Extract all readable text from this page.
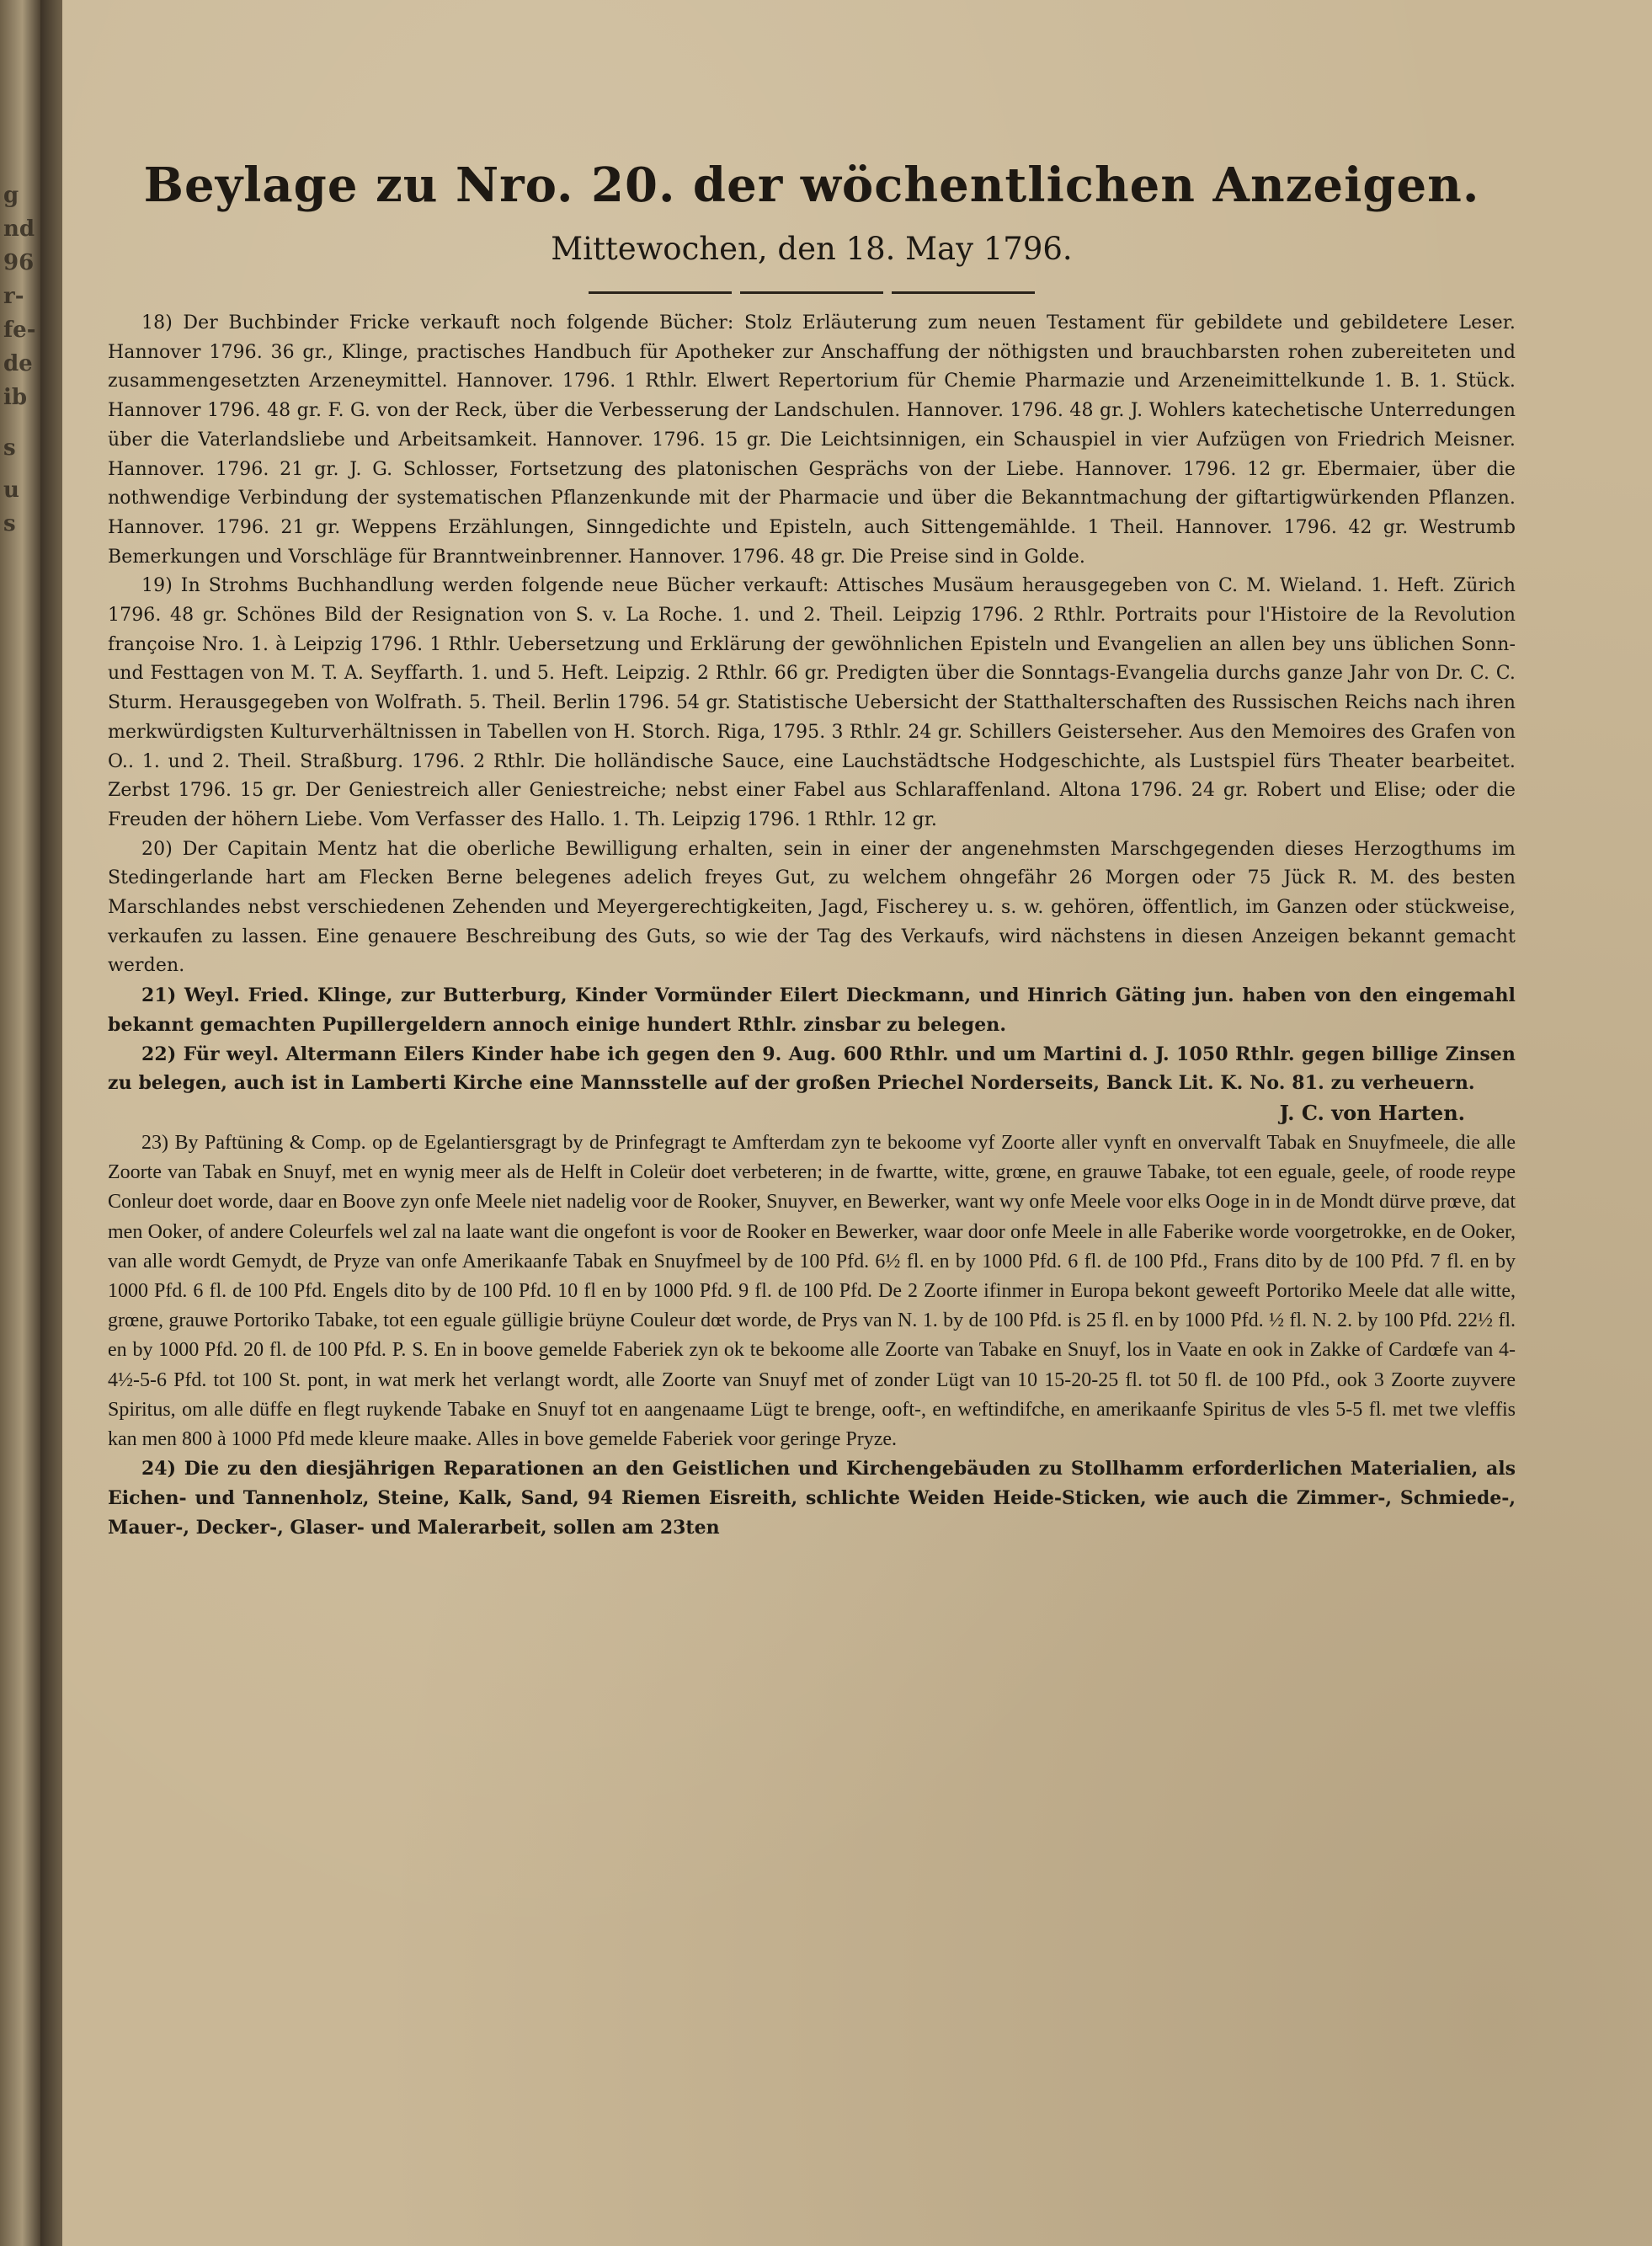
g
nd
96
r-
fe-
de
ib
s
u
s
Beylage zu Nro. 20. der wöchentlichen Anzeigen.
Mittewochen, den 18. May 1796.

18) Der Buchbinder Fricke verkauft noch folgende Bücher: Stolz Erläuterung zum neuen Testament für gebildete und gebildetere Leser. Hannover 1796. 36 gr., Klinge, practisches Handbuch für Apotheker zur Anschaffung der nöthigsten und brauchbarsten rohen zubereiteten und zusammengesetzten Arzeneymittel. Hannover. 1796. 1 Rthlr. Elwert Repertorium für Chemie Pharmazie und Arzeneimittelkunde 1. B. 1. Stück. Hannover 1796. 48 gr. F. G. von der Reck, über die Verbesserung der Landschulen. Hannover. 1796. 48 gr. J. Wohlers katechetische Unterredungen über die Vaterlandsliebe und Arbeitsamkeit. Hannover. 1796. 15 gr. Die Leichtsinnigen, ein Schauspiel in vier Aufzügen von Friedrich Meisner. Hannover. 1796. 21 gr. J. G. Schlosser, Fortsetzung des platonischen Gesprächs von der Liebe. Hannover. 1796. 12 gr. Ebermaier, über die nothwendige Verbindung der systematischen Pflanzenkunde mit der Pharmacie und über die Bekanntmachung der giftartigwürkenden Pflanzen. Hannover. 1796. 21 gr. Weppens Erzählungen, Sinngedichte und Episteln, auch Sittengemählde. 1 Theil. Hannover. 1796. 42 gr. Westrumb Bemerkungen und Vorschläge für Branntweinbrenner. Hannover. 1796. 48 gr. Die Preise sind in Golde.

19) In Strohms Buchhandlung werden folgende neue Bücher verkauft: Attisches Musäum herausgegeben von C. M. Wieland. 1. Heft. Zürich 1796. 48 gr. Schönes Bild der Resignation von S. v. La Roche. 1. und 2. Theil. Leipzig 1796. 2 Rthlr. Portraits pour l'Histoire de la Revolution françoise Nro. 1. à Leipzig 1796. 1 Rthlr. Uebersetzung und Erklärung der gewöhnlichen Episteln und Evangelien an allen bey uns üblichen Sonn- und Festtagen von M. T. A. Seyffarth. 1. und 5. Heft. Leipzig. 2 Rthlr. 66 gr. Predigten über die Sonntags-Evangelia durchs ganze Jahr von Dr. C. C. Sturm. Herausgegeben von Wolfrath. 5. Theil. Berlin 1796. 54 gr. Statistische Uebersicht der Statthalterschaften des Russischen Reichs nach ihren merkwürdigsten Kulturverhältnissen in Tabellen von H. Storch. Riga, 1795. 3 Rthlr. 24 gr. Schillers Geisterseher. Aus den Memoires des Grafen von O.. 1. und 2. Theil. Straßburg. 1796. 2 Rthlr. Die holländische Sauce, eine Lauchstädtsche Hodgeschichte, als Lustspiel fürs Theater bearbeitet. Zerbst 1796. 15 gr. Der Geniestreich aller Geniestreiche; nebst einer Fabel aus Schlaraffenland. Altona 1796. 24 gr. Robert und Elise; oder die Freuden der höhern Liebe. Vom Verfasser des Hallo. 1. Th. Leipzig 1796. 1 Rthlr. 12 gr.

20) Der Capitain Mentz hat die oberliche Bewilligung erhalten, sein in einer der angenehmsten Marschgegenden dieses Herzogthums im Stedingerlande hart am Flecken Berne belegenes adelich freyes Gut, zu welchem ohngefähr 26 Morgen oder 75 Jück R. M. des besten Marschlandes nebst verschiedenen Zehenden und Meyergerechtigkeiten, Jagd, Fischerey u. s. w. gehören, öffentlich, im Ganzen oder stückweise, verkaufen zu lassen. Eine genauere Beschreibung des Guts, so wie der Tag des Verkaufs, wird nächstens in diesen Anzeigen bekannt gemacht werden.

21) Weyl. Fried. Klinge, zur Butterburg, Kinder Vormünder Eilert Dieckmann, und Hinrich Gäting jun. haben von den eingemahl bekannt gemachten Pupillergeldern annoch einige hundert Rthlr. zinsbar zu belegen.

22) Für weyl. Altermann Eilers Kinder habe ich gegen den 9. Aug. 600 Rthlr. und um Martini d. J. 1050 Rthlr. gegen billige Zinsen zu belegen, auch ist in Lamberti Kirche eine Mannsstelle auf der großen Priechel Norderseits, Banck Lit. K. No. 81. zu verheuern.

J. C. von Harten.

23) By Paftüning & Comp. op de Egelantiersgragt by de Prinfegragt te Amfterdam zyn te bekoome vyf Zoorte aller vynft en onvervalft Tabak en Snuyfmeele, die alle Zoorte van Tabak en Snuyf, met en wynig meer als de Helft in Coleür doet verbeteren; in de fwartte, witte, grœne, en grauwe Tabake, tot een eguale, geele, of roode reype Conleur doet worde, daar en Boove zyn onfe Meele niet nadelig voor de Rooker, Snuyver, en Bewerker, want wy onfe Meele voor elks Ooge in in de Mondt dürve prœve, dat men Ooker, of andere Coleurfels wel zal na laate want die ongefont is voor de Rooker en Bewerker, waar door onfe Meele in alle Faberike worde voorgetrokke, en de Ooker, van alle wordt Gemydt, de Pryze van onfe Amerikaanfe Tabak en Snuyfmeel by de 100 Pfd. 6½ fl. en by 1000 Pfd. 6 fl. de 100 Pfd., Frans dito by de 100 Pfd. 7 fl. en by 1000 Pfd. 6 fl. de 100 Pfd. Engels dito by de 100 Pfd. 10 fl en by 1000 Pfd. 9 fl. de 100 Pfd. De 2 Zoorte ifinmer in Europa bekont geweeft Portoriko Meele dat alle witte, grœne, grauwe Portoriko Tabake, tot een eguale gülligie brüyne Couleur dœt worde, de Prys van N. 1. by de 100 Pfd. is 25 fl. en by 1000 Pfd. ½ fl. N. 2. by 100 Pfd. 22½ fl. en by 1000 Pfd. 20 fl. de 100 Pfd. P. S. En in boove gemelde Faberiek zyn ok te bekoome alle Zoorte van Tabake en Snuyf, los in Vaate en ook in Zakke of Cardœfe van 4-4½-5-6 Pfd. tot 100 St. pont, in wat merk het verlangt wordt, alle Zoorte van Snuyf met of zonder Lügt van 10 15-20-25 fl. tot 50 fl. de 100 Pfd., ook 3 Zoorte zuyvere Spiritus, om alle düffe en flegt ruykende Tabake en Snuyf tot en aangenaame Lügt te brenge, ooft-, en weftindifche, en amerikaanfe Spiritus de vles 5-5 fl. met twe vleffis kan men 800 à 1000 Pfd mede kleure maake. Alles in bove gemelde Faberiek voor geringe Pryze.

24) Die zu den diesjährigen Reparationen an den Geistlichen und Kirchengebäuden zu Stollhamm erforderlichen Materialien, als Eichen- und Tannenholz, Steine, Kalk, Sand, 94 Riemen Eisreith, schlichte Weiden Heide-Sticken, wie auch die Zimmer-, Schmiede-, Mauer-, Decker-, Glaser- und Malerarbeit, sollen am 23ten
